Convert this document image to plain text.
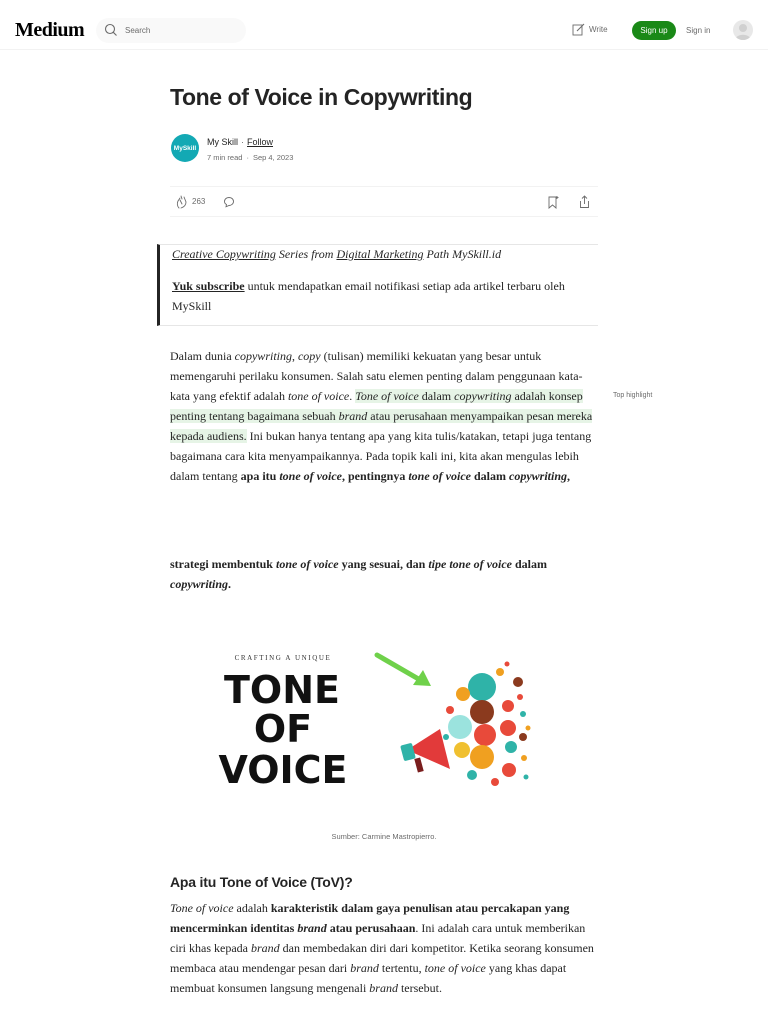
Medium
Search	Write	Sign up	Sign in
Tone of Voice in Copywriting
MySkill
My Skill · Follow
7 min read · Sep 4, 2023
263

Creative Copywriting Series from Digital Marketing Path MySkill.id

Yuk subscribe untuk mendapatkan email notifikasi setiap ada artikel terbaru oleh MySkill

Dalam dunia copywriting, copy (tulisan) memiliki kekuatan yang besar untuk memengaruhi perilaku konsumen. Salah satu elemen penting dalam penggunaan kata-kata yang efektif adalah tone of voice. Tone of voice dalam copywriting adalah konsep penting tentang bagaimana sebuah brand atau perusahaan menyampaikan pesan mereka kepada audiens. Ini bukan hanya tentang apa yang kita tulis/katakan, tetapi juga tentang bagaimana cara kita menyampaikannya. Pada topik kali ini, kita akan mengulas lebih dalam tentang apa itu tone of voice, pentingnya tone of voice dalam copywriting,

Top highlight

strategi membentuk tone of voice yang sesuai, dan tipe tone of voice dalam copywriting.

CRAFTING A UNIQUE
TONE
OF
VOICE
Sumber: Carmine Mastropierro.
Apa itu Tone of Voice (ToV)?

Tone of voice adalah karakteristik dalam gaya penulisan atau percakapan yang mencerminkan identitas brand atau perusahaan. Ini adalah cara untuk memberikan ciri khas kepada brand dan membedakan diri dari kompetitor. Ketika seorang konsumen membaca atau mendengar pesan dari brand tertentu, tone of voice yang khas dapat membuat konsumen langsung mengenali brand tersebut.
